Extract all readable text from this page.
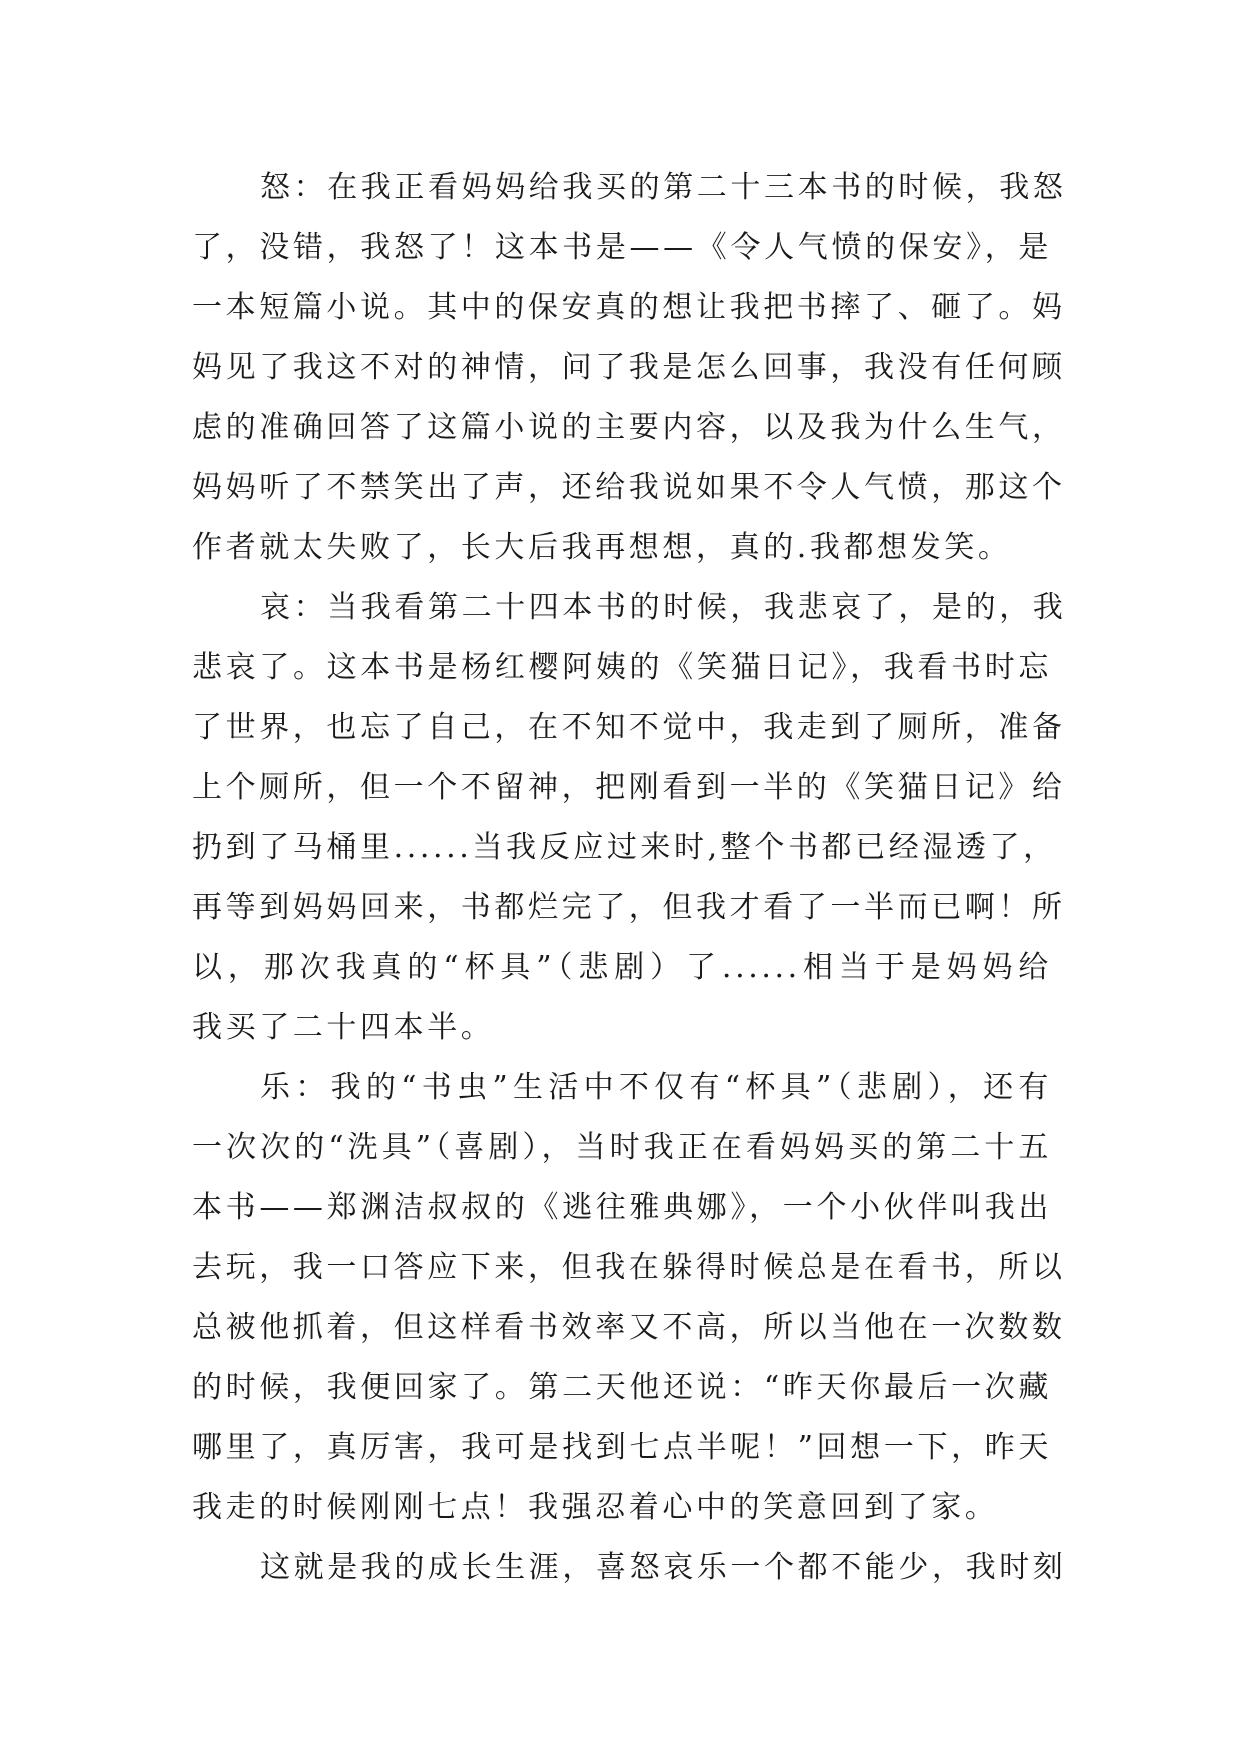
怒：在我正看妈妈给我买的第二十三本书的时候，我怒
了，没错，我怒了！这本书是——《令人气愤的保安》，是
一本短篇小说。其中的保安真的想让我把书摔了、砸了。妈
妈见了我这不对的神情，问了我是怎么回事，我没有任何顾
虑的准确回答了这篇小说的主要内容，以及我为什么生气，
妈妈听了不禁笑出了声，还给我说如果不令人气愤，那这个
作者就太失败了，长大后我再想想，真的.我都想发笑。
哀：当我看第二十四本书的时候，我悲哀了，是的，我
悲哀了。这本书是杨红樱阿姨的《笑猫日记》，我看书时忘
了世界，也忘了自己，在不知不觉中，我走到了厕所，准备
上个厕所，但一个不留神，把刚看到一半的《笑猫日记》给
扔到了马桶里......当我反应过来时,整个书都已经湿透了，
再等到妈妈回来，书都烂完了，但我才看了一半而已啊！所
以，那次我真的“杯具”（悲剧）了......相当于是妈妈给
我买了二十四本半。
乐：我的“书虫”生活中不仅有“杯具”（悲剧），还有
一次次的“洗具”（喜剧），当时我正在看妈妈买的第二十五
本书——郑渊洁叔叔的《逃往雅典娜》，一个小伙伴叫我出
去玩，我一口答应下来，但我在躲得时候总是在看书，所以
总被他抓着，但这样看书效率又不高，所以当他在一次数数
的时候，我便回家了。第二天他还说：“昨天你最后一次藏
哪里了，真厉害，我可是找到七点半呢！”回想一下，昨天
我走的时候刚刚七点！我强忍着心中的笑意回到了家。
这就是我的成长生涯，喜怒哀乐一个都不能少，我时刻
